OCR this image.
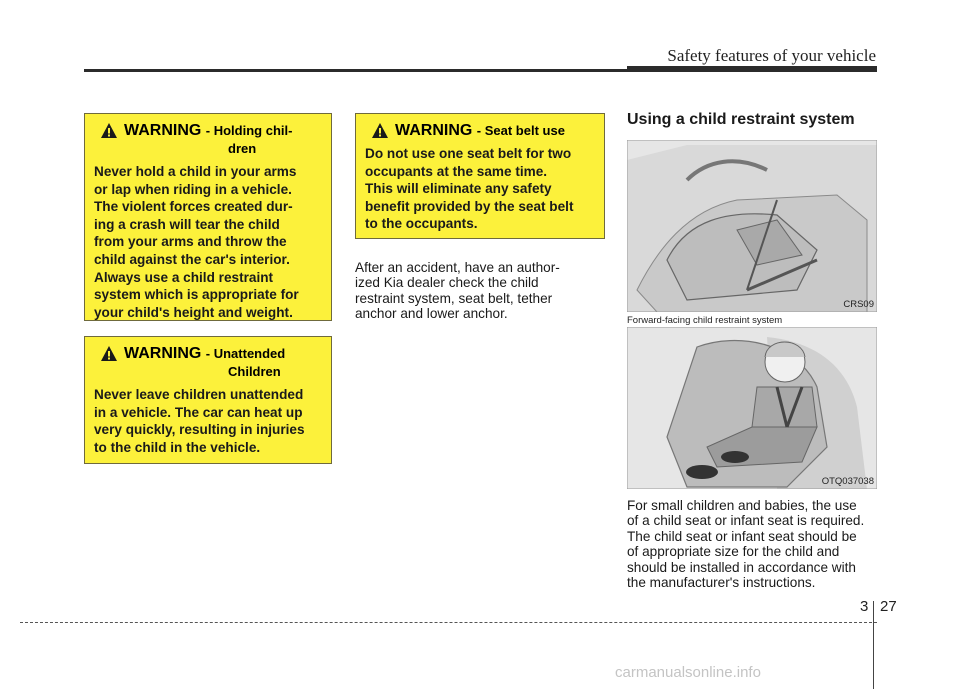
Safety features of your vehicle
WARNING - Holding chil-
dren

Never hold a child in your arms
or lap when riding in a vehicle.
The violent forces created dur-
ing a crash will tear the child
from your arms and throw the
child against the car's interior.
Always use a child restraint
system which is appropriate for
your child's height and weight.

WARNING - Unattended
Children

Never leave children unattended
in a vehicle. The car can heat up
very quickly, resulting in injuries
to the child in the vehicle.

WARNING - Seat belt use

Do not use one seat belt for two
occupants at the same time.
This will eliminate any safety
benefit provided by the seat belt
to the occupants.

After an accident, have an author-
ized Kia dealer check the child
restraint system, seat belt, tether
anchor and lower anchor.

Using a child restraint system
CRS09
Forward-facing child restraint system
OTQ037038

For small children and babies, the use
of a child seat or infant seat is required.
The child seat or infant seat should be
of appropriate size for the child and
should be installed in accordance with
the manufacturer's instructions.

3 27
carmanualsonline.info
